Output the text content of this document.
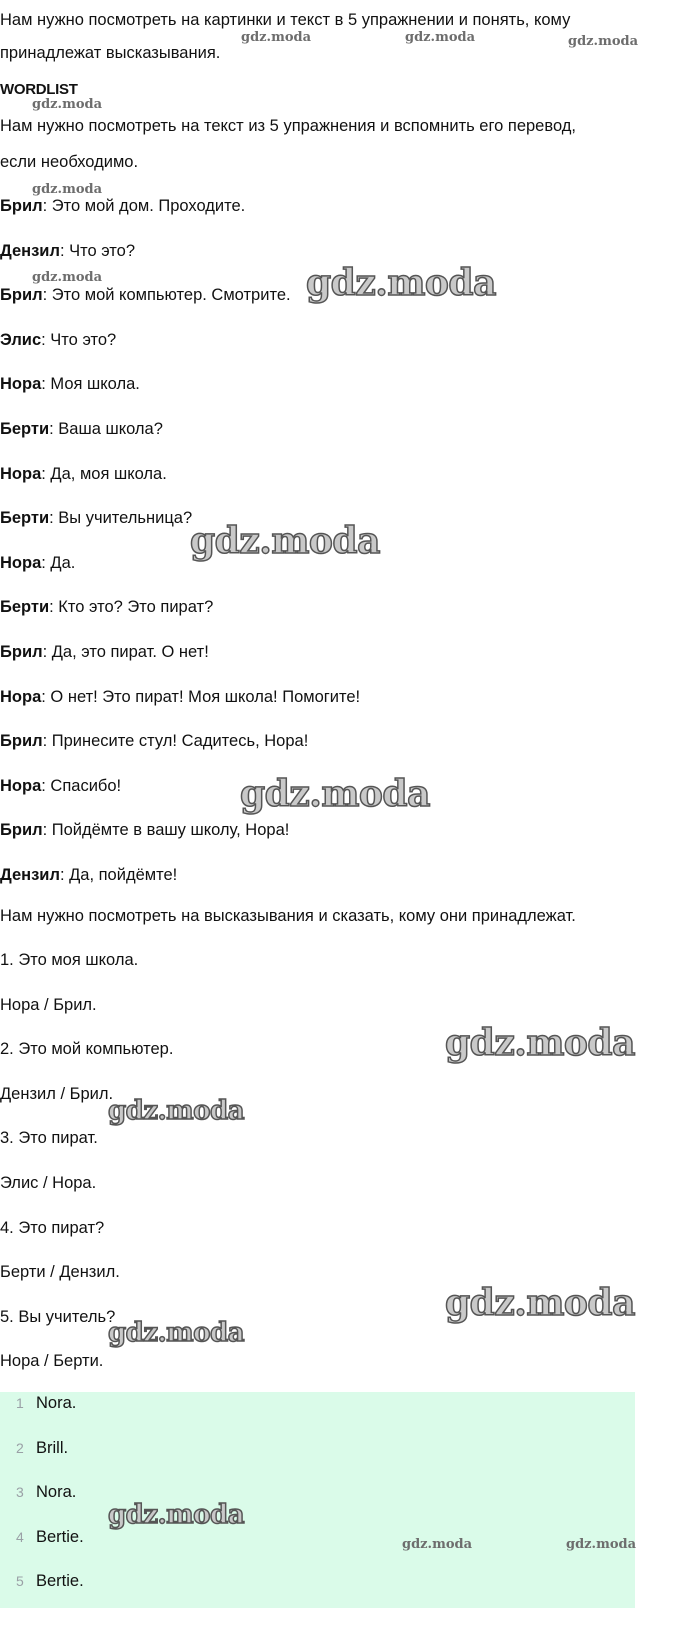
Нам нужно посмотреть на картинки и текст в 5 упражнении и понять, кому
принадлежат высказывания.
WORDLIST
Нам нужно посмотреть на текст из 5 упражнения и вспомнить его перевод,
если необходимо.
Брил: Это мой дом. Проходите.
Дензил: Что это?
Брил: Это мой компьютер. Смотрите.
Элис: Что это?
Нора: Моя школа.
Берти: Ваша школа?
Нора: Да, моя школа.
Берти: Вы учительница?
Нора: Да.
Берти: Кто это? Это пират?
Брил: Да, это пират. О нет!
Нора: О нет! Это пират! Моя школа! Помогите!
Брил: Принесите стул! Садитесь, Нора!
Нора: Спасибо!
Брил: Пойдёмте в вашу школу, Нора!
Дензил: Да, пойдёмте!
Нам нужно посмотреть на высказывания и сказать, кому они принадлежат.
1. Это моя школа.
Нора / Брил.
2. Это мой компьютер.
Дензил / Брил.
3. Это пират.
Элис / Нора.
4. Это пират?
Берти / Дензил.
5. Вы учитель?
Нора / Берти.
1 Nora.
2 Brill.
3 Nora.
4 Bertie.
5 Bertie.
gdz.moda	gdz.moda	gdz.moda
gdz.moda
gdz.moda
gdz.moda	gdz.moda
gdz.moda
gdz.moda
gdz.moda
gdz.moda
gdz.moda
gdz.moda
gdz.moda
gdz.moda	gdz.moda
